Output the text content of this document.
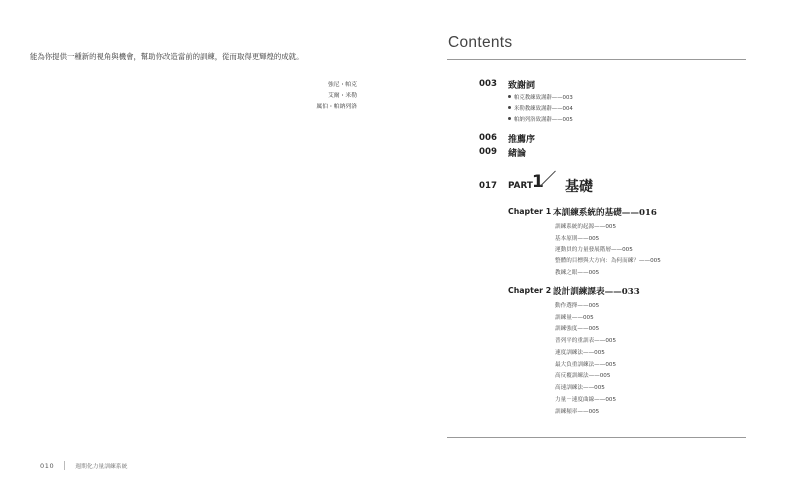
能為你提供一種新的視角與機會，幫助你改造當前的訓練，從而取得更輝煌的成就。
強尼・帕克
艾爾・米勒
厲伯・帕納列洛
010	週期化力量訓練系統
Contents
003 致謝詞
帕克教練致謝辭——003
米勒教練致謝辭——004
帕納列洛致謝辭——005
006 推薦序
009 緒論
017 PART 1 基礎
Chapter 1 本訓練系統的基礎——016
訓練系統的起源——005
基本原則——005
運動員的力量發展階層——005
整體的目標與大方向：為何而練？——005
教練之眼——005
Chapter 2 設計訓練課表——033
動作選擇——005
訓練量——005
訓練強度——005
普列平的重訓表——005
速度訓練法——005
最大負重訓練法——005
高反覆訓練法——005
高速訓練法——005
力量－速度曲線——005
訓練頻率——005
